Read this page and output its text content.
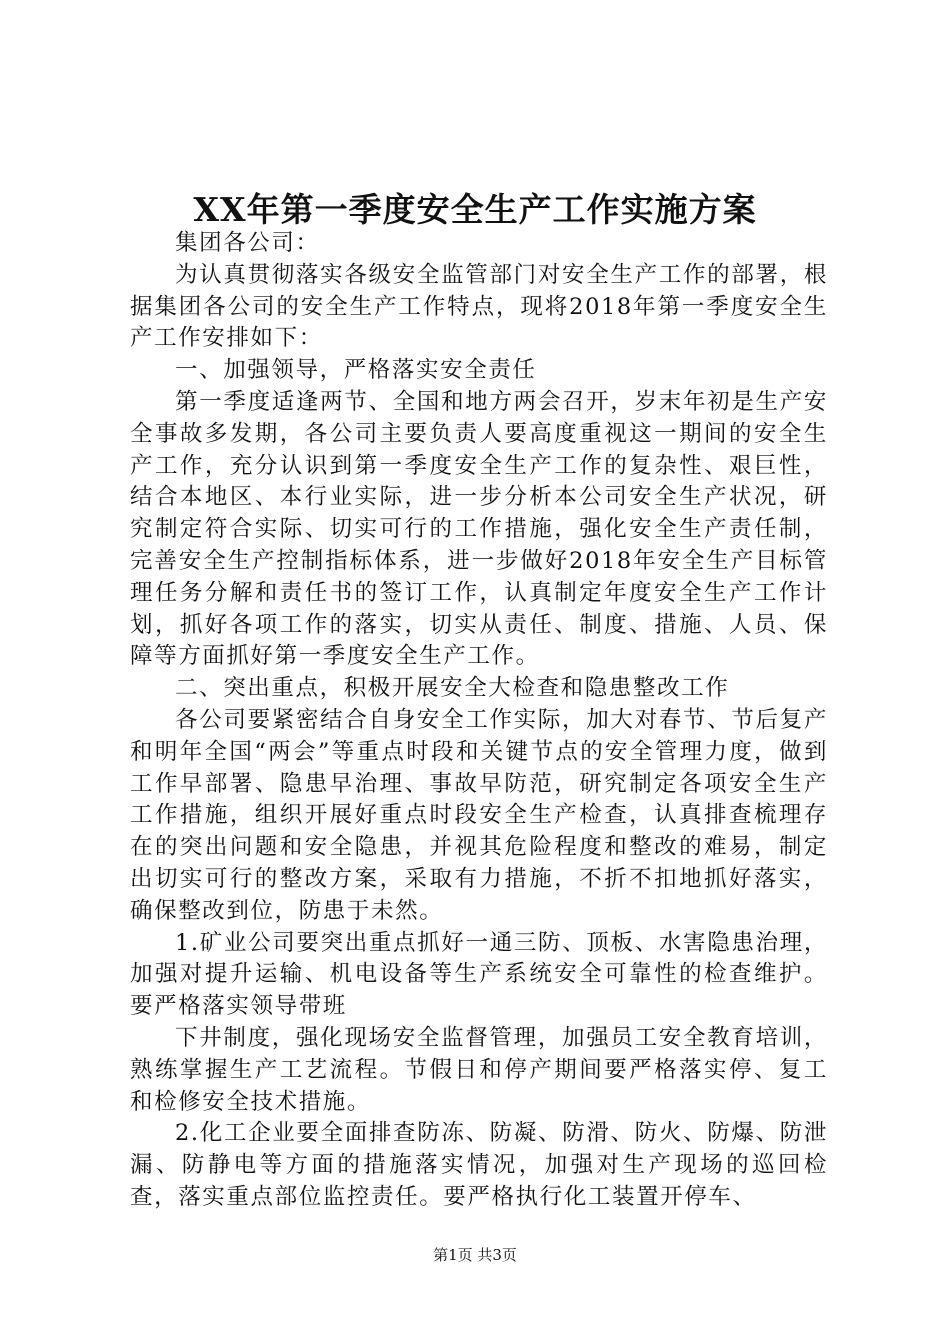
XX年第一季度安全生产工作实施方案

集团各公司：

为认真贯彻落实各级安全监管部门对安全生产工作的部署，根据集团各公司的安全生产工作特点，现将2018年第一季度安全生产工作安排如下：

一、加强领导，严格落实安全责任

第一季度适逢两节、全国和地方两会召开，岁末年初是生产安全事故多发期，各公司主要负责人要高度重视这一期间的安全生产工作，充分认识到第一季度安全生产工作的复杂性、艰巨性，结合本地区、本行业实际，进一步分析本公司安全生产状况，研究制定符合实际、切实可行的工作措施，强化安全生产责任制，完善安全生产控制指标体系，进一步做好2018年安全生产目标管理任务分解和责任书的签订工作，认真制定年度安全生产工作计划，抓好各项工作的落实，切实从责任、制度、措施、人员、保障等方面抓好第一季度安全生产工作。

二、突出重点，积极开展安全大检查和隐患整改工作

各公司要紧密结合自身安全工作实际，加大对春节、节后复产和明年全国“两会”等重点时段和关键节点的安全管理力度，做到工作早部署、隐患早治理、事故早防范，研究制定各项安全生产工作措施，组织开展好重点时段安全生产检查，认真排查梳理存在的突出问题和安全隐患，并视其危险程度和整改的难易，制定出切实可行的整改方案，采取有力措施，不折不扣地抓好落实，确保整改到位，防患于未然。

1.矿业公司要突出重点抓好一通三防、顶板、水害隐患治理，加强对提升运输、机电设备等生产系统安全可靠性的检查维护。要严格落实领导带班

下井制度，强化现场安全监督管理，加强员工安全教育培训，熟练掌握生产工艺流程。节假日和停产期间要严格落实停、复工和检修安全技术措施。

2.化工企业要全面排查防冻、防凝、防滑、防火、防爆、防泄漏、防静电等方面的措施落实情况，加强对生产现场的巡回检查，落实重点部位监控责任。要严格执行化工装置开停车、

第1页 共3页
